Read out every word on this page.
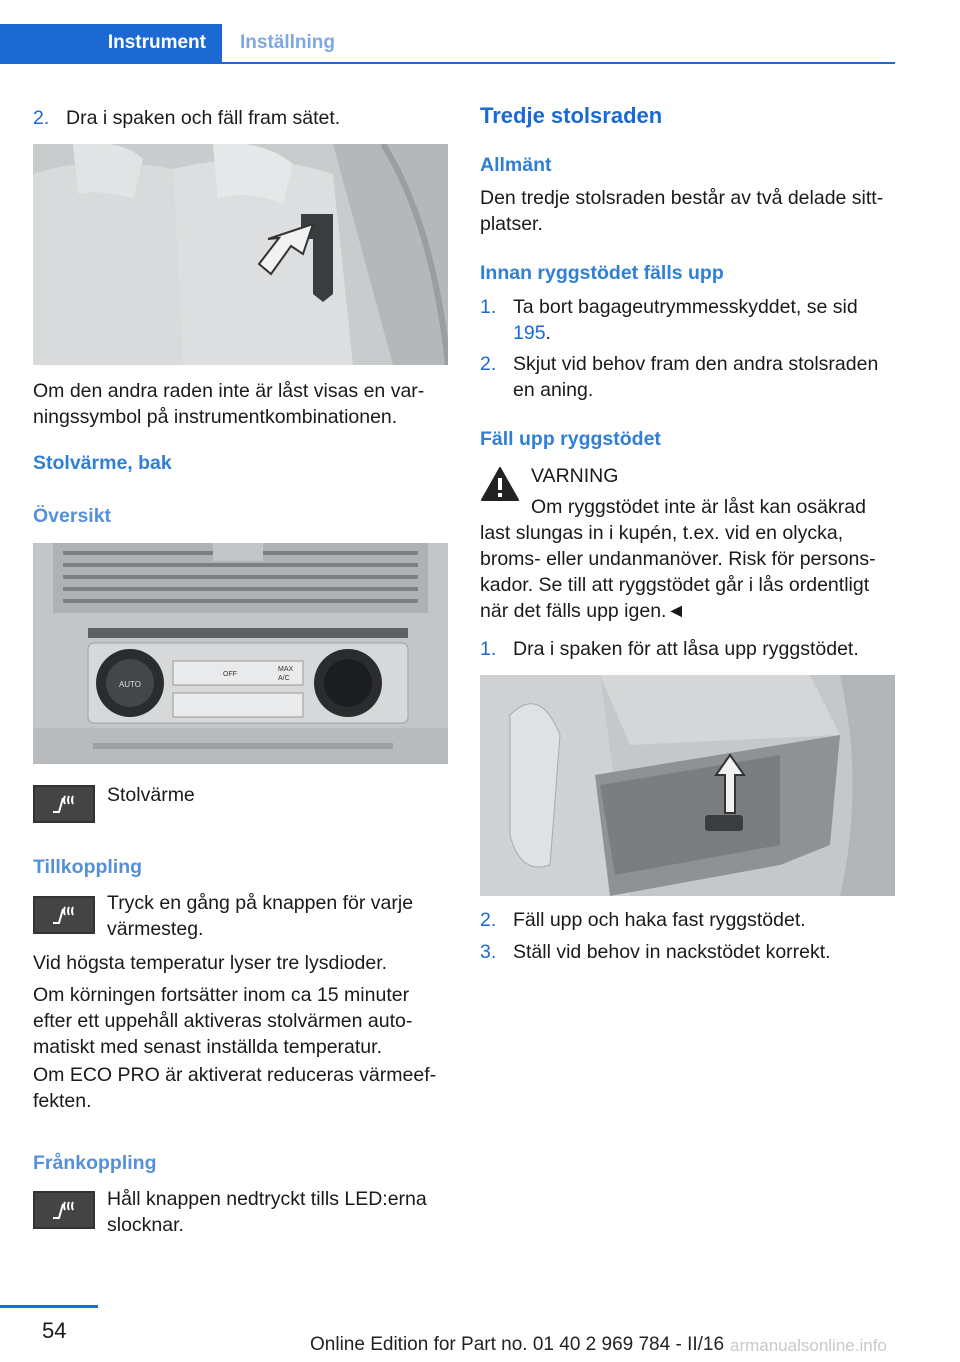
Instrument	Inställning
2. Dra i spaken och fäll fram sätet.
Om den andra raden inte är låst visas en varningssymbol på instrumentkombinationen.
Stolvärme, bak
Översikt
AUTO
OFF
MAX
A/C
Stolvärme
Tillkoppling
Tryck en gång på knappen för varje värmesteg.
Vid högsta temperatur lyser tre lysdioder.
Om körningen fortsätter inom ca 15 minuter efter ett uppehåll aktiveras stolvärmen automatiskt med senast inställda temperatur.
Om ECO PRO är aktiverat reduceras värmeeffekten.
Frånkoppling
Håll knappen nedtryckt tills LED:erna slocknar.
Tredje stolsraden
Allmänt
Den tredje stolsraden består av två delade sittplatser.
Innan ryggstödet fälls upp
1. Ta bort bagageutrymmesskyddet, se sid 195.
2. Skjut vid behov fram den andra stolsraden en aning.
Fäll upp ryggstödet
VARNING
Om ryggstödet inte är låst kan osäkrad
last slungas in i kupén, t.ex. vid en olycka, broms- eller undanmanöver. Risk för personskador. Se till att ryggstödet går i lås ordentligt när det fälls upp igen.◄
1. Dra i spaken för att låsa upp ryggstödet.
2. Fäll upp och haka fast ryggstödet.
3. Ställ vid behov in nackstödet korrekt.
54
Online Edition for Part no. 01 40 2 969 784 - II/16 armanualsonline.info
